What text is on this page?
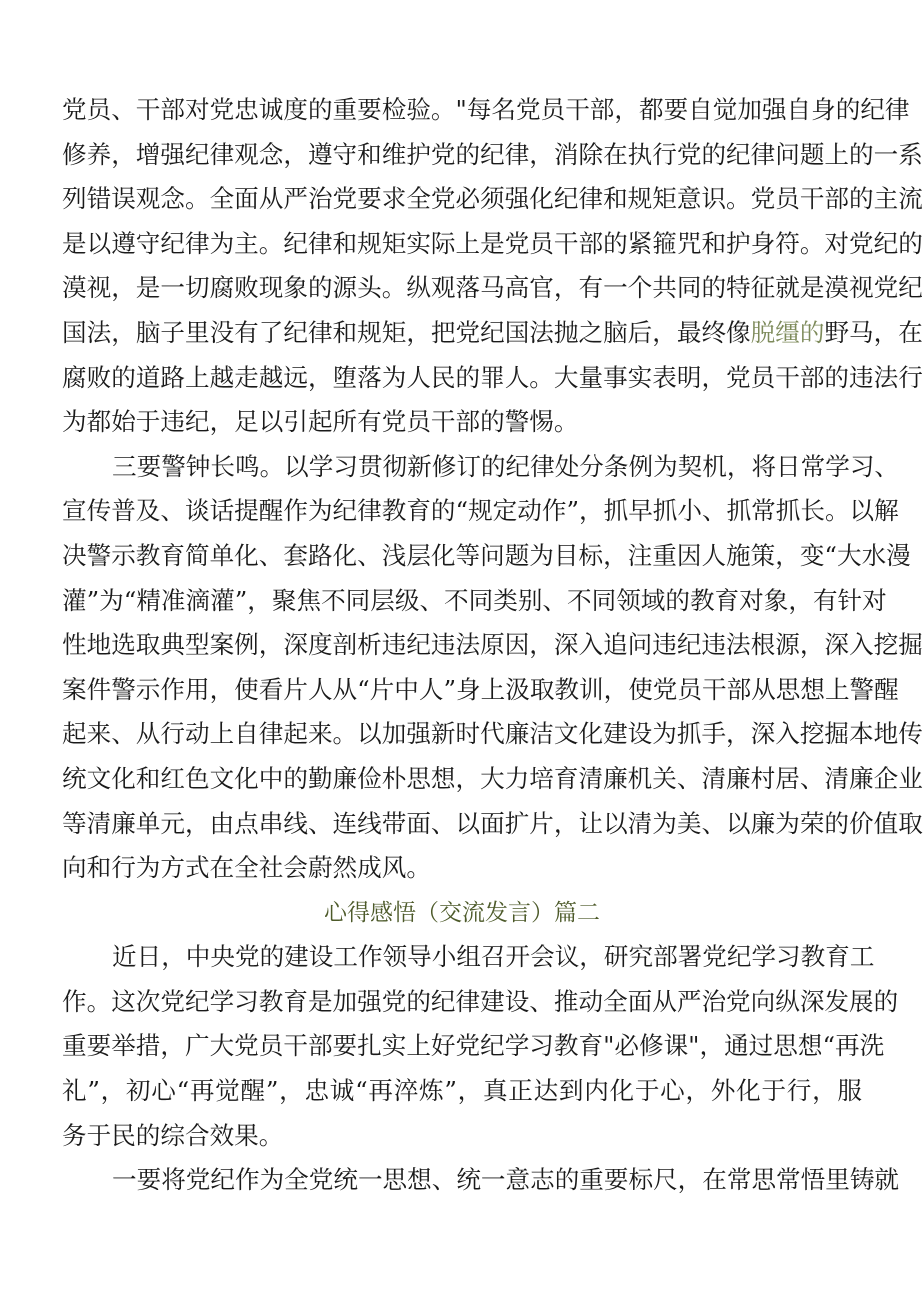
党员、干部对党忠诚度的重要检验。"每名党员干部，都要自觉加强自身的纪律
修养，增强纪律观念，遵守和维护党的纪律，消除在执行党的纪律问题上的一系
列错误观念。全面从严治党要求全党必须强化纪律和规矩意识。党员干部的主流
是以遵守纪律为主。纪律和规矩实际上是党员干部的紧箍咒和护身符。对党纪的
漠视，是一切腐败现象的源头。纵观落马高官，有一个共同的特征就是漠视党纪
国法，脑子里没有了纪律和规矩，把党纪国法抛之脑后，最终像脱缰的野马，在
腐败的道路上越走越远，堕落为人民的罪人。大量事实表明，党员干部的违法行
为都始于违纪，足以引起所有党员干部的警惕。
三要警钟长鸣。以学习贯彻新修订的纪律处分条例为契机，将日常学习、
宣传普及、谈话提醒作为纪律教育的“规定动作”，抓早抓小、抓常抓长。以解
决警示教育简单化、套路化、浅层化等问题为目标，注重因人施策，变“大水漫
灌”为“精准滴灌”，聚焦不同层级、不同类别、不同领域的教育对象，有针对
性地选取典型案例，深度剖析违纪违法原因，深入追问违纪违法根源，深入挖掘
案件警示作用，使看片人从“片中人”身上汲取教训，使党员干部从思想上警醒
起来、从行动上自律起来。以加强新时代廉洁文化建设为抓手，深入挖掘本地传
统文化和红色文化中的勤廉俭朴思想，大力培育清廉机关、清廉村居、清廉企业
等清廉单元，由点串线、连线带面、以面扩片，让以清为美、以廉为荣的价值取
向和行为方式在全社会蔚然成风。
心得感悟（交流发言）篇二
近日，中央党的建设工作领导小组召开会议，研究部署党纪学习教育工
作。这次党纪学习教育是加强党的纪律建设、推动全面从严治党向纵深发展的
重要举措，广大党员干部要扎实上好党纪学习教育"必修课"，通过思想“再洗
礼”，初心“再觉醒”，忠诚“再淬炼”，真正达到内化于心，外化于行，服
务于民的综合效果。
一要将党纪作为全党统一思想、统一意志的重要标尺，在常思常悟里铸就
